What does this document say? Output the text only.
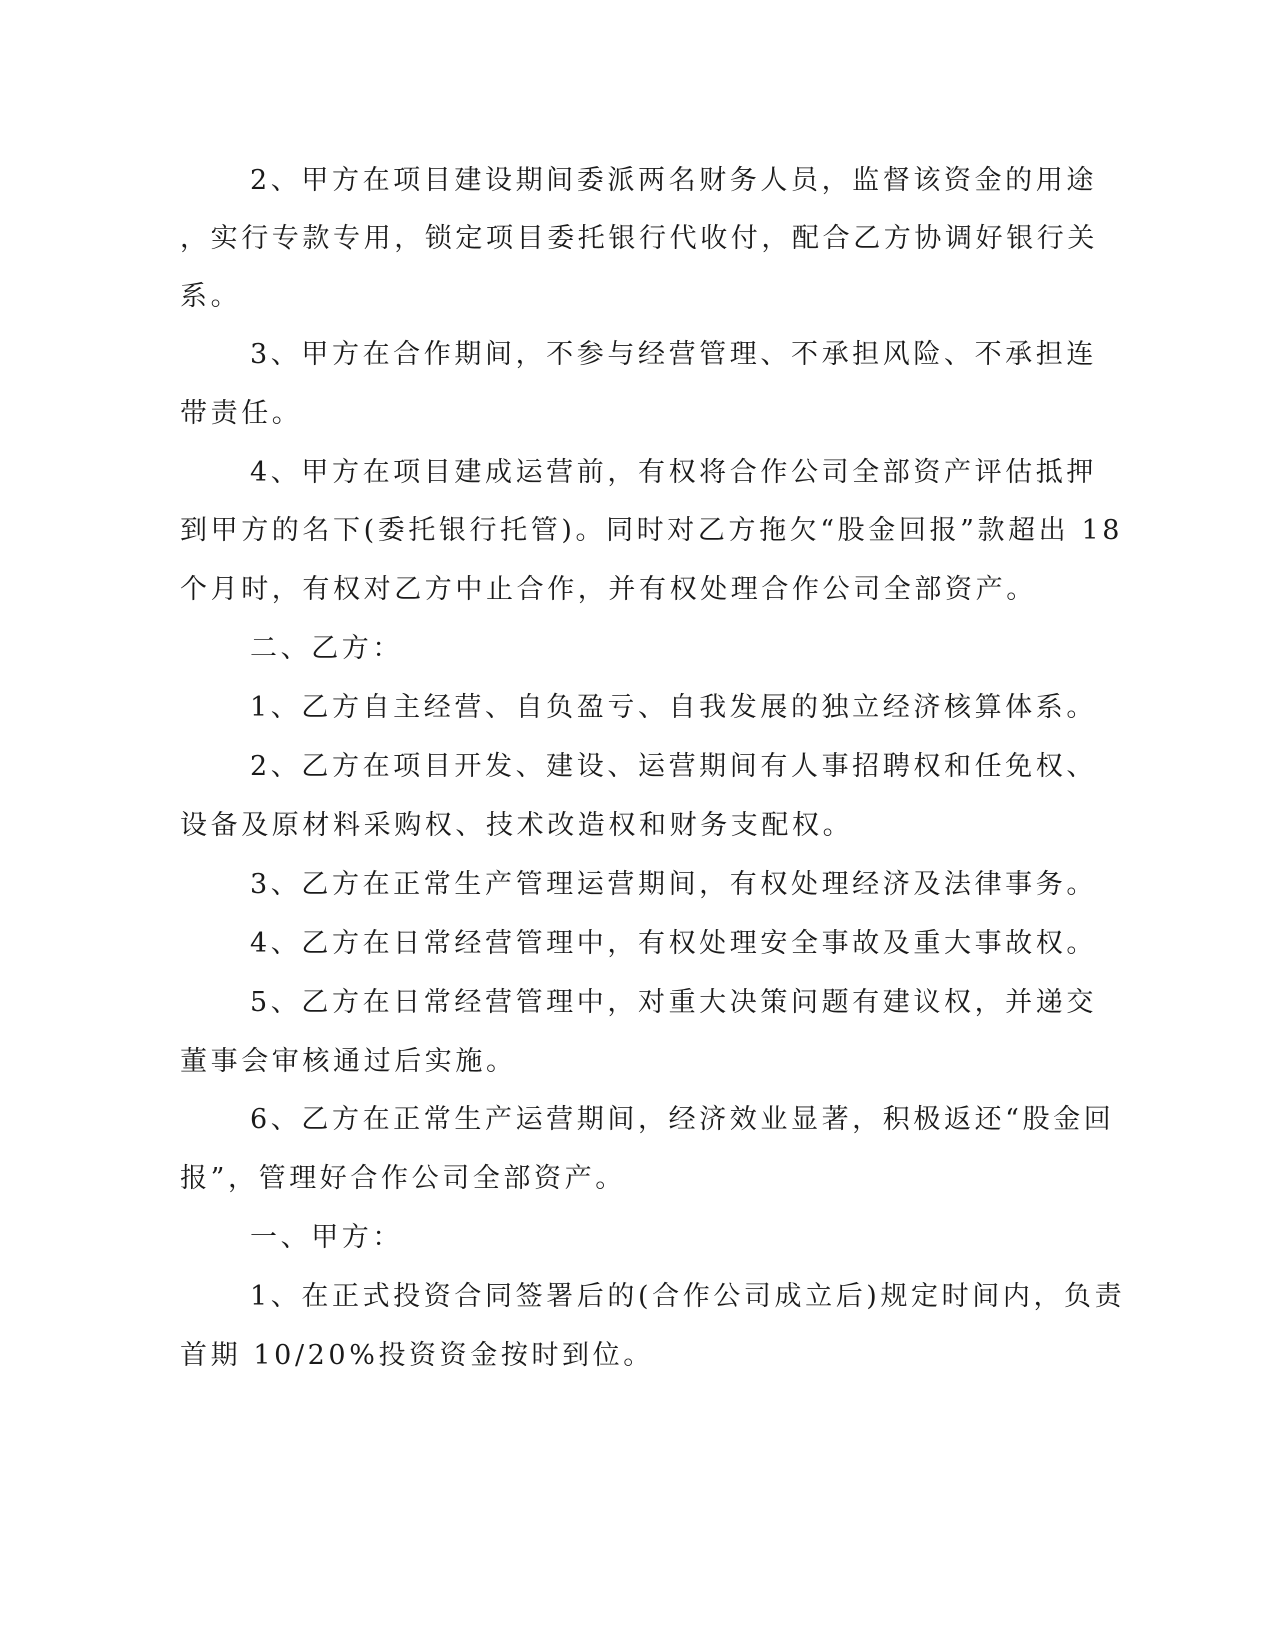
2、甲方在项目建设期间委派两名财务人员，监督该资金的用途

，实行专款专用，锁定项目委托银行代收付，配合乙方协调好银行关

系。

3、甲方在合作期间，不参与经营管理、不承担风险、不承担连

带责任。

4、甲方在项目建成运营前，有权将合作公司全部资产评估抵押

到甲方的名下(委托银行托管)。同时对乙方拖欠“股金回报”款超出 18

个月时，有权对乙方中止合作，并有权处理合作公司全部资产。

二、乙方：

1、乙方自主经营、自负盈亏、自我发展的独立经济核算体系。

2、乙方在项目开发、建设、运营期间有人事招聘权和任免权、

设备及原材料采购权、技术改造权和财务支配权。

3、乙方在正常生产管理运营期间，有权处理经济及法律事务。

4、乙方在日常经营管理中，有权处理安全事故及重大事故权。

5、乙方在日常经营管理中，对重大决策问题有建议权，并递交

董事会审核通过后实施。

6、乙方在正常生产运营期间，经济效业显著，积极返还“股金回

报”，管理好合作公司全部资产。

一、甲方：

1、在正式投资合同签署后的(合作公司成立后)规定时间内，负责

首期 10/20%投资资金按时到位。
